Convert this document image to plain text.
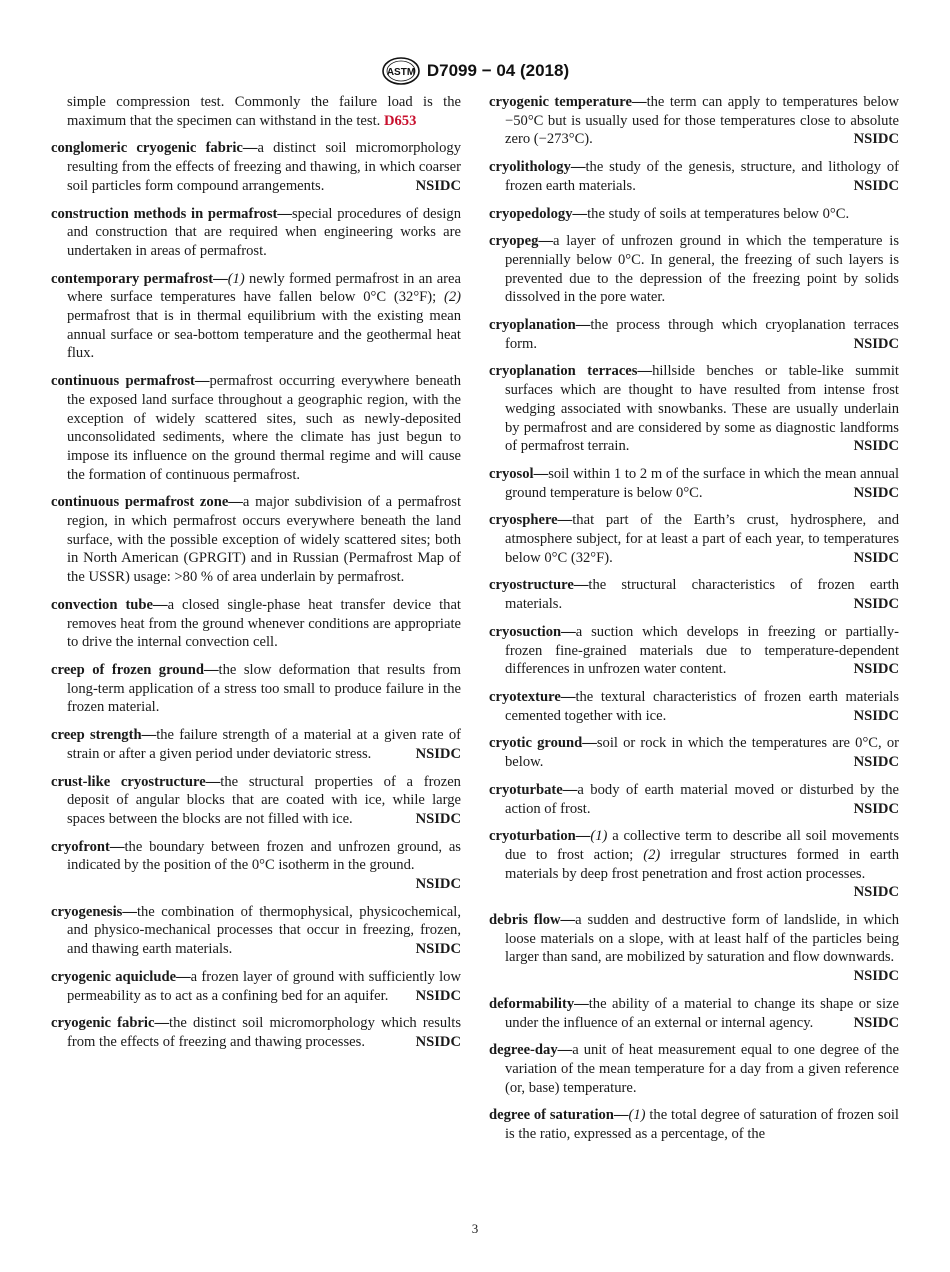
ASTM D7099 − 04 (2018)

simple compression test. Commonly the failure load is the maximum that the specimen can withstand in the test. D653

conglomeric cryogenic fabric—a distinct soil micromorphology resulting from the effects of freezing and thawing, in which coarser soil particles form compound arrangements.	NSIDC

construction methods in permafrost—special procedures of design and construction that are required when engineering works are undertaken in areas of permafrost.

contemporary permafrost—(1) newly formed permafrost in an area where surface temperatures have fallen below 0°C (32°F); (2) permafrost that is in thermal equilibrium with the existing mean annual surface or sea-bottom temperature and the geothermal heat flux.

continuous permafrost—permafrost occurring everywhere beneath the exposed land surface throughout a geographic region, with the exception of widely scattered sites, such as newly-deposited unconsolidated sediments, where the climate has just begun to impose its influence on the ground thermal regime and will cause the formation of continuous permafrost.

continuous permafrost zone—a major subdivision of a permafrost region, in which permafrost occurs everywhere beneath the land surface, with the possible exception of widely scattered sites; both in North American (GPRGIT) and in Russian (Permafrost Map of the USSR) usage: >80 % of area underlain by permafrost.

convection tube—a closed single-phase heat transfer device that removes heat from the ground whenever conditions are appropriate to drive the internal convection cell.

creep of frozen ground—the slow deformation that results from long-term application of a stress too small to produce failure in the frozen material.

creep strength—the failure strength of a material at a given rate of strain or after a given period under deviatoric stress.	NSIDC

crust-like cryostructure—the structural properties of a frozen deposit of angular blocks that are coated with ice, while large spaces between the blocks are not filled with ice.	NSIDC

cryofront—the boundary between frozen and unfrozen ground, as indicated by the position of the 0°C isotherm in the ground.
NSIDC

cryogenesis—the combination of thermophysical, physicochemical, and physico-mechanical processes that occur in freezing, frozen, and thawing earth materials.	NSIDC

cryogenic aquiclude—a frozen layer of ground with sufficiently low permeability as to act as a confining bed for an aquifer. NSIDC

cryogenic fabric—the distinct soil micromorphology which results from the effects of freezing and thawing processes.	NSIDC

cryogenic temperature—the term can apply to temperatures below −50°C but is usually used for those temperatures close to absolute zero (−273°C).	NSIDC

cryolithology—the study of the genesis, structure, and lithology of frozen earth materials.	NSIDC

cryopedology—the study of soils at temperatures below 0°C.

cryopeg—a layer of unfrozen ground in which the temperature is perennially below 0°C. In general, the freezing of such layers is prevented due to the depression of the freezing point by solids dissolved in the pore water.

cryoplanation—the process through which cryoplanation terraces form.	NSIDC

cryoplanation terraces—hillside benches or table-like summit surfaces which are thought to have resulted from intense frost wedging associated with snowbanks. These are usually underlain by permafrost and are considered by some as diagnostic landforms of permafrost terrain.	NSIDC

cryosol—soil within 1 to 2 m of the surface in which the mean annual ground temperature is below 0°C.	NSIDC

cryosphere—that part of the Earth’s crust, hydrosphere, and atmosphere subject, for at least a part of each year, to temperatures below 0°C (32°F).	NSIDC

cryostructure—the structural characteristics of frozen earth materials.	NSIDC

cryosuction—a suction which develops in freezing or partially-frozen fine-grained materials due to temperature-dependent differences in unfrozen water content.	NSIDC

cryotexture—the textural characteristics of frozen earth materials cemented together with ice.	NSIDC

cryotic ground—soil or rock in which the temperatures are 0°C, or below.	NSIDC

cryoturbate—a body of earth material moved or disturbed by the action of frost.	NSIDC

cryoturbation—(1) a collective term to describe all soil movements due to frost action; (2) irregular structures formed in earth materials by deep frost penetration and frost action processes.
NSIDC

debris flow—a sudden and destructive form of landslide, in which loose materials on a slope, with at least half of the particles being larger than sand, are mobilized by saturation and flow downwards.
NSIDC

deformability—the ability of a material to change its shape or size under the influence of an external or internal agency.	NSIDC

degree-day—a unit of heat measurement equal to one degree of the variation of the mean temperature for a day from a given reference (or, base) temperature.

degree of saturation—(1) the total degree of saturation of frozen soil is the ratio, expressed as a percentage, of the

3
